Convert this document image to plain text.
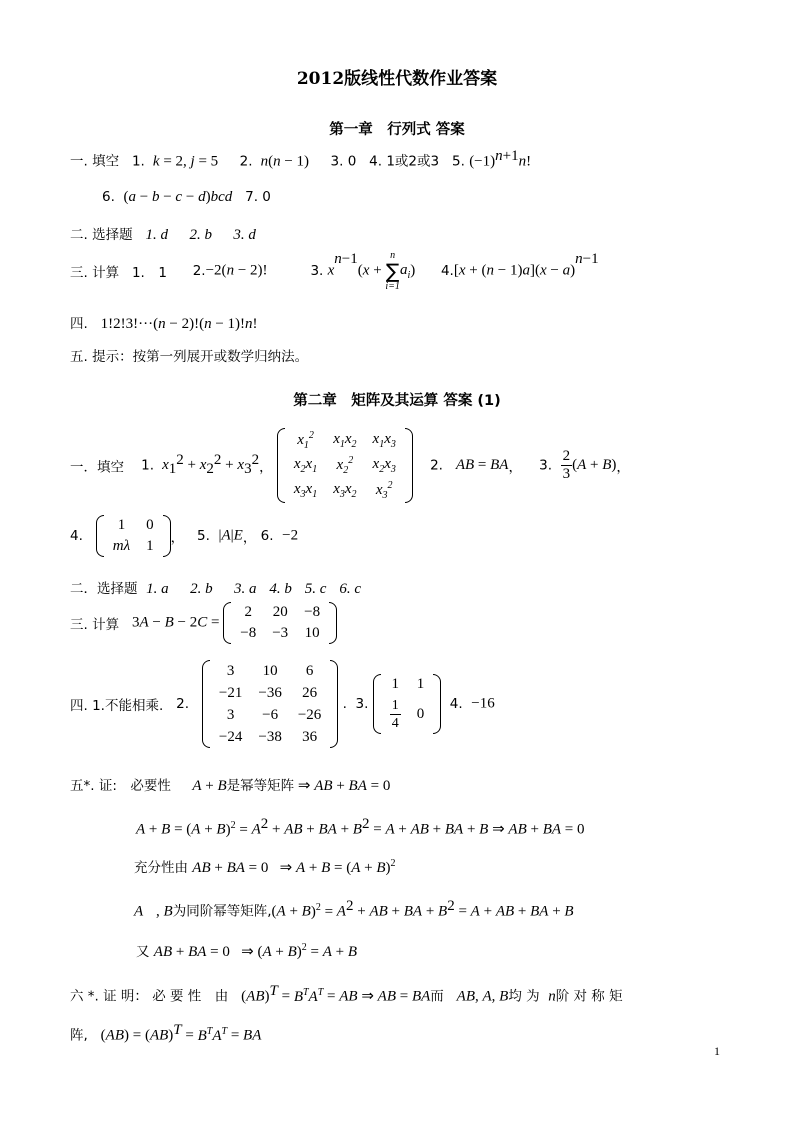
2012版线性代数作业答案
第一章　行列式 答案
一. 填空 1.  k = 2, j = 5 2.  n(n − 1) 3. 0 4. 1或2或3 5. $(-1)^{n+1}n$!
6. (a − b − c − d)bcd 7. 0
二. 选择题 1. d 2. b 3. d
三. 计算 1.　1 2.−2(n − 2)!	3. $x^{n-1}(x$ +
n
∑
i=1
$a_i$) $4.[x + (n - 1)a](x - a)^{n-1}$
四. 1!2!3!···(n − 2)!(n − 1)!n!
五. 提示：按第一列展开或数学归纳法。
第二章　矩阵及其运算 答案 (1)
一．填空 1.  $x_1^2 + x_2^2 + x_3^2$，
$x_1^2$	$x_1x_2$	$x_1x_3$
$x_2x_1$	$x_2^2$	$x_2x_3$
$x_3x_1$	$x_3x_2$	$x_3^2$
2. AB = BA， 3. $\frac{2}{3} (A + B)$，
4.
1	0
mλ	1 ， 5. |A|E， 6. −2
二．选择题 1. a 2. b 3. a 4. b 5. c 6. c
三. 计算 3A − B − 2C =
2	20	−8
−8	−3	10
四. 1.不能相乘. 2.
3	10	6
−21	−36	26
3	−6	−26
−24	−38	36
.  3.
1	1

$\frac{1}{4}$	0
4. −16
五*. 证:　必要性 A + B是幂等矩阵 ⇒ AB + BA = 0
$A + B = (A + B)^2 = A^2$ + AB + BA + $B^2 = A$ + AB + BA + B ⇒ AB + BA = 0
充分性由 AB + BA = 0   ⇒ $A + B = (A + B)^2$
A , B为同阶幂等矩阵$,(A + B)^2 = A^2$ + AB + BA + $B^2 = A$ + AB + BA + B
又 AB + BA = 0   ⇒ $(A + B)^2 = A + B$
六 *. 证 明： 必 要 性　由 $(AB)^T = B^TA^T$ = AB ⇒ AB = BA而 AB, A, B均 为 n阶 对 称 矩
阵, $(AB) = (AB)^T = B^TA^T$ = BA
1
